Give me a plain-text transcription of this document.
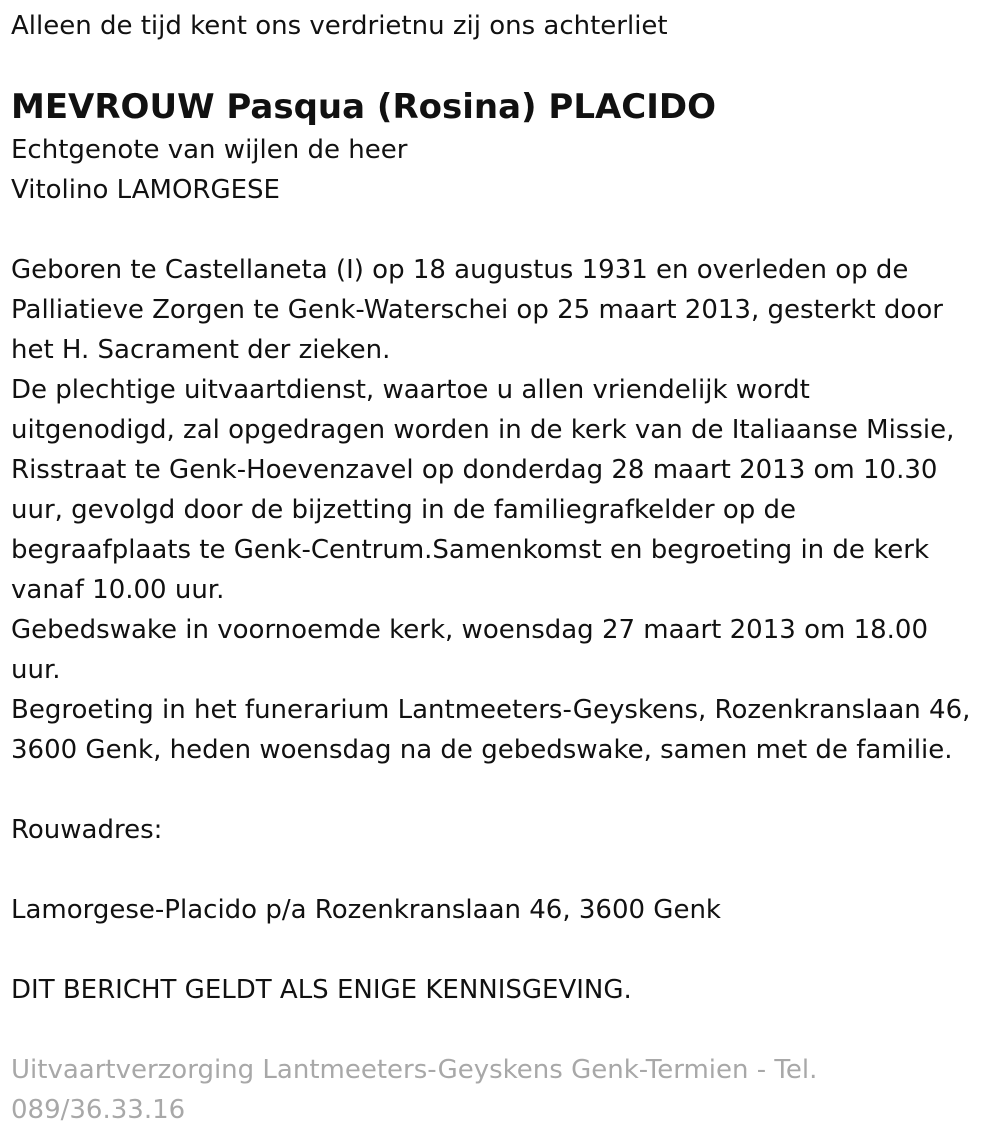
Alleen de tijd kent ons verdrietnu zij ons achterliet

MEVROUW Pasqua (Rosina) PLACIDO

Echtgenote van wijlen de heer

Vitolino LAMORGESE

Geboren te Castellaneta (I) op 18 augustus 1931 en overleden op de

Palliatieve Zorgen te Genk-Waterschei op 25 maart 2013, gesterkt door

het H. Sacrament der zieken.

De plechtige uitvaartdienst, waartoe u allen vriendelijk wordt

uitgenodigd, zal opgedragen worden in de kerk van de Italiaanse Missie,

Risstraat te Genk-Hoevenzavel op donderdag 28 maart 2013 om 10.30

uur, gevolgd door de bijzetting in de familiegrafkelder op de

begraafplaats te Genk-Centrum.Samenkomst en begroeting in de kerk

vanaf 10.00 uur.

Gebedswake in voornoemde kerk, woensdag 27 maart 2013 om 18.00

uur.

Begroeting in het funerarium Lantmeeters-Geyskens, Rozenkranslaan 46,

3600 Genk, heden woensdag na de gebedswake, samen met de familie.

Rouwadres:

Lamorgese-Placido p/a Rozenkranslaan 46, 3600 Genk

DIT BERICHT GELDT ALS ENIGE KENNISGEVING.

Uitvaartverzorging Lantmeeters-Geyskens Genk-Termien - Tel.

089/36.33.16
